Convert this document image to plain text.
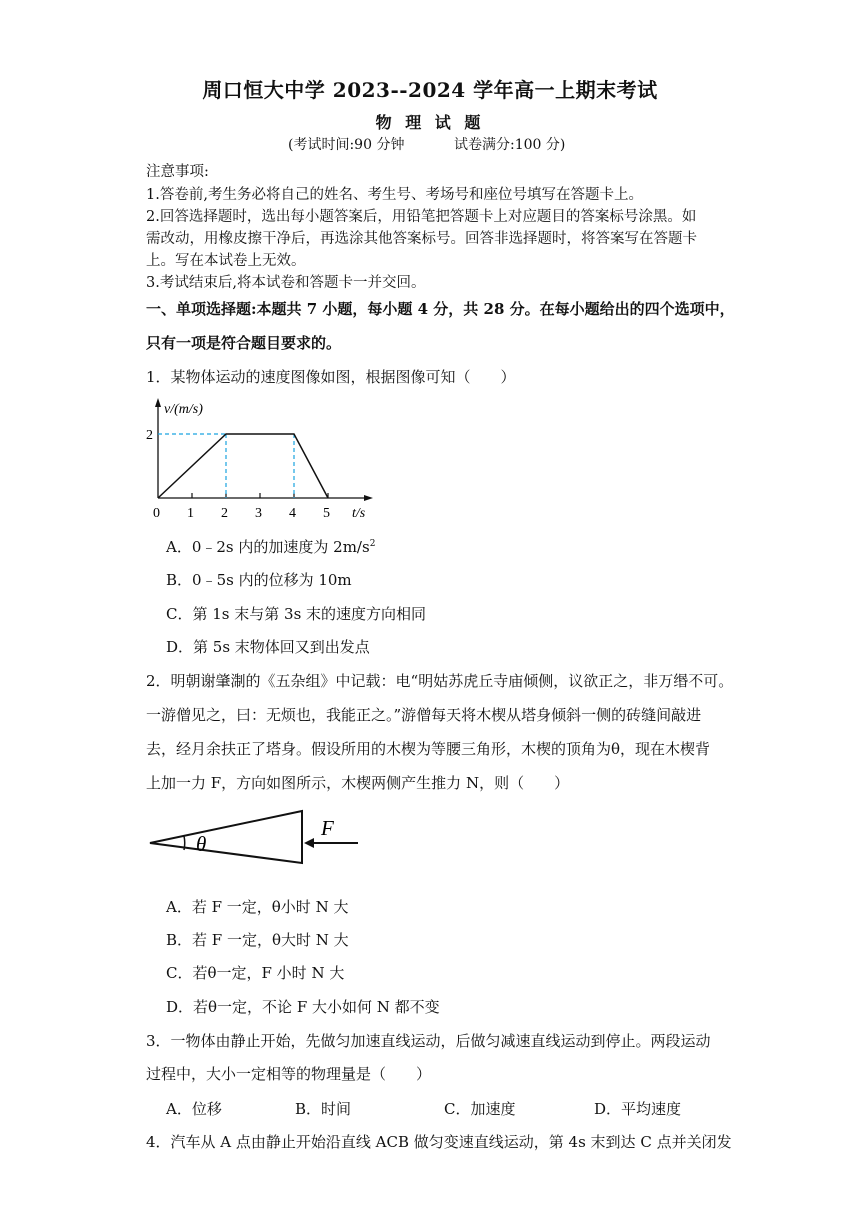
周口恒大中学 2023--2024 学年高一上期末考试
物 理 试 题
(考试时间:90 分钟	试卷满分:100 分)
注意事项:
1.答卷前,考生务必将自己的姓名、考生号、考场号和座位号填写在答题卡上。
2.回答选择题时，选出每小题答案后，用铅笔把答题卡上对应题目的答案标号涂黑。如
需改动，用橡皮擦干净后，再选涂其他答案标号。回答非选择题时，将答案写在答题卡
上。写在本试卷上无效。
3.考试结束后,将本试卷和答题卡一并交回。
一、单项选择题:本题共 7 小题，每小题 4 分，共 28 分。在每小题给出的四个选项中，
只有一项是符合题目要求的。
1．某物体运动的速度图像如图，根据图像可知（　　）
v/(m/s)
2
0 1 2 3 4 5 t/s
A．0﹣2s 内的加速度为 $2m/s^2$
B．0﹣5s 内的位移为 10m
C．第 1s 末与第 3s 末的速度方向相同
D．第 5s 末物体回又到出发点
2．明朝谢肇淛的《五杂组》中记载：电“明姑苏虎丘寺庙倾侧，议欲正之，非万缗不可。
一游僧见之，曰：无烦也，我能正之。”游僧每天将木楔从塔身倾斜一侧的砖缝间敲进
去，经月余扶正了塔身。假设所用的木楔为等腰三角形，木楔的顶角为θ，现在木楔背
上加一力 F，方向如图所示，木楔两侧产生推力 N，则（　　）
θ
F
A．若 F 一定，θ小时 N 大
B．若 F 一定，θ大时 N 大
C．若θ一定，F 小时 N 大
D．若θ一定，不论 F 大小如何 N 都不变
3．一物体由静止开始，先做匀加速直线运动，后做匀减速直线运动到停止。两段运动
过程中，大小一定相等的物理量是（　　）
A．位移	B．时间	C．加速度	D．平均速度
4．汽车从 A 点由静止开始沿直线 ACB 做匀变速直线运动，第 4s 末到达 C 点并关闭发
